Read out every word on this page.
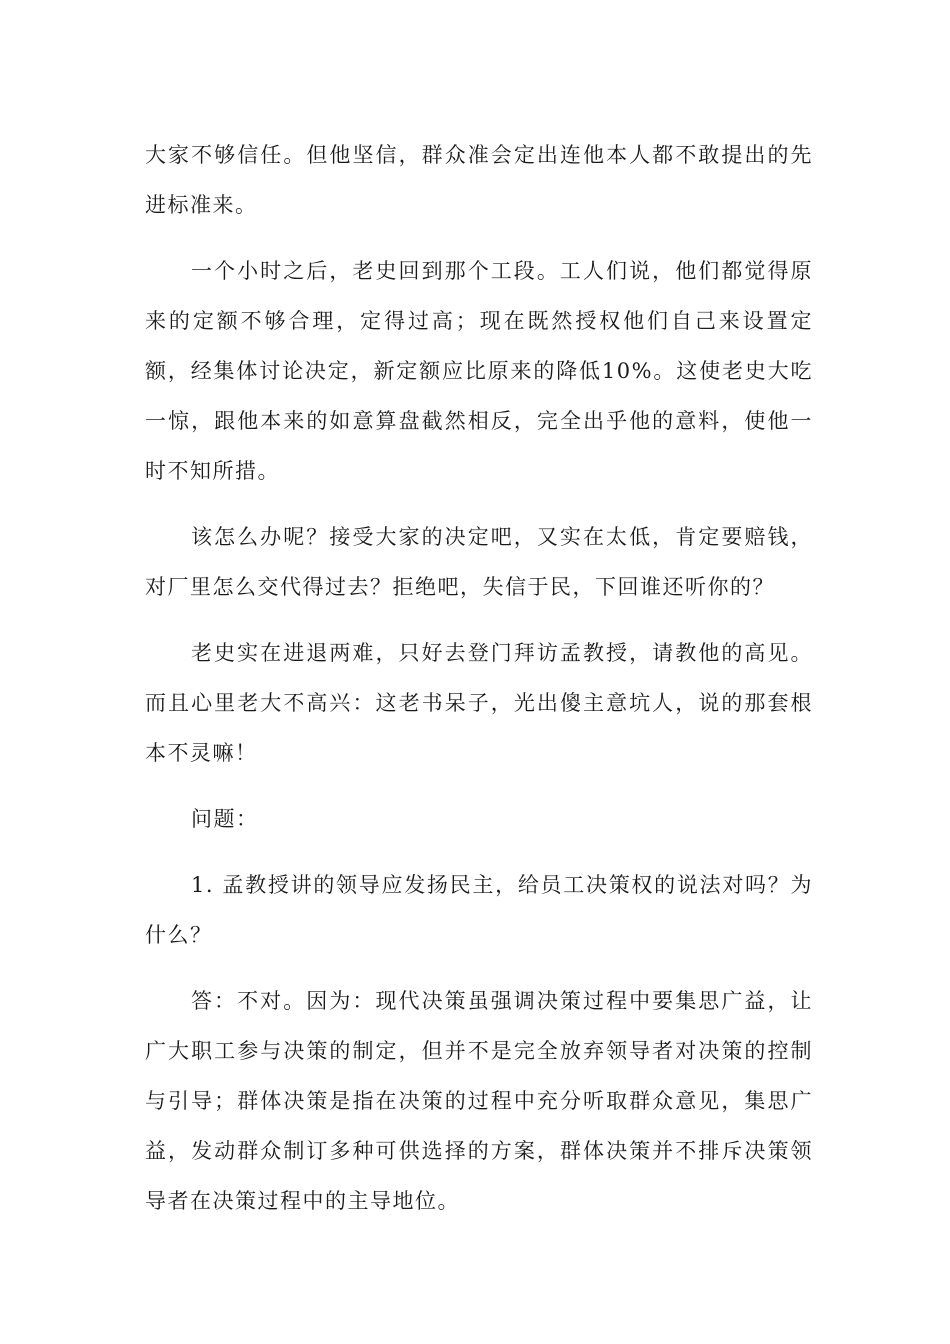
大家不够信任。但他坚信，群众准会定出连他本人都不敢提出的先进标准来。

一个小时之后，老史回到那个工段。工人们说，他们都觉得原来的定额不够合理，定得过高；现在既然授权他们自己来设置定额，经集体讨论决定，新定额应比原来的降低10%。这使老史大吃一惊，跟他本来的如意算盘截然相反，完全出乎他的意料，使他一时不知所措。

该怎么办呢？接受大家的决定吧，又实在太低，肯定要赔钱，对厂里怎么交代得过去？拒绝吧，失信于民，下回谁还听你的？

老史实在进退两难，只好去登门拜访孟教授，请教他的高见。而且心里老大不高兴：这老书呆子，光出傻主意坑人，说的那套根本不灵嘛！

问题：

1. 孟教授讲的领导应发扬民主，给员工决策权的说法对吗？为什么？

答：不对。因为：现代决策虽强调决策过程中要集思广益，让广大职工参与决策的制定，但并不是完全放弃领导者对决策的控制与引导；群体决策是指在决策的过程中充分听取群众意见，集思广益，发动群众制订多种可供选择的方案，群体决策并不排斥决策领导者在决策过程中的主导地位。
